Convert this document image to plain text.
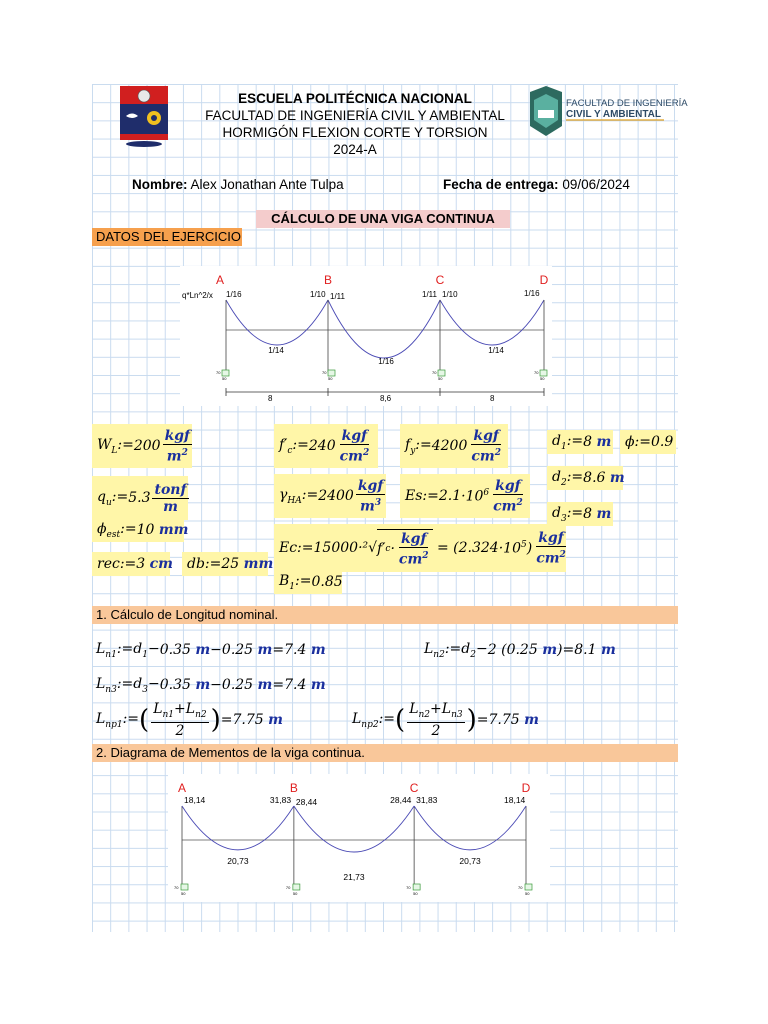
FACULTAD DE INGENIERÍA
CIVIL Y AMBIENTAL
ESCUELA POLITÉCNICA NACIONAL
FACULTAD DE INGENIERÍA CIVIL Y AMBIENTAL
HORMIGÓN FLEXION CORTE Y TORSION
2024-A
Nombre: Alex Jonathan Ante Tulpa	Fecha de entrega: 09/06/2024
CÁLCULO DE UNA VIGA CONTINUA
DATOS DEL EJERCICIO
A	B	C	D
q*Ln^2/x 1/16	1/10 1/11	1/11 1/10	1/16
1/14
1/16
1/14
70
50
70
50
70
50
70
50
8	8,6	8
$W_L:= 200 \frac{\text{kgf}}{m^2}$	$f'_c:= 240 \frac{\text{kgf}}{cm^2}$ $f_y:= 4200 \frac{\text{kgf}}{cm^2}$	$d_1:= 8$
m ϕ:= 0.9
$d_2:= 8.6$
m
$q_u:= 5.3 \frac{\text{tonf}}{m}$	$\gamma_{HA}:= 2400 \frac{\text{kgf}}{m^3}$ Es:= $2.1 \cdot 10^6 \frac{\text{kgf}}{cm^2}$ $d_3:= 8$
m
$\phi_{est}:= 10$
mm
Ec:= 15000 ·²√ f′ $c \cdot \frac{\text{kgf}}{cm^2}$ = ( $2.324 \cdot 10^5) \frac{\text{kgf}}{cm^2}$
rec:= 3
cm db:= 25
mm
$B_1:= 0.85$
1. Cálculo de Longitud nominal.
$L_{n1}:=d_1- 0.35$
m − 0.25
m = 7.4
m	$L_{n2}:=d_2- 2$ ( 0.25
m )= 8.1
m
$L_{n3}:=d_3- 0.35$
m − 0.25
m = 7.4
m
$L_{np1}:=$ ( $\frac{L_{n1}+L_{n2}}{2}$ ) = 7.75
m	$L_{np2}:=$ ( $\frac{L_{n2}+L_{n3}}{2}$ ) = 7.75
m
2. Diagrama de Mementos de la viga continua.
A	B	C	D
18,14	31,83 28,44	28,44 31,83	18,14
20,73
21,73
20,73
70
50
70
50
70
50
70
50
